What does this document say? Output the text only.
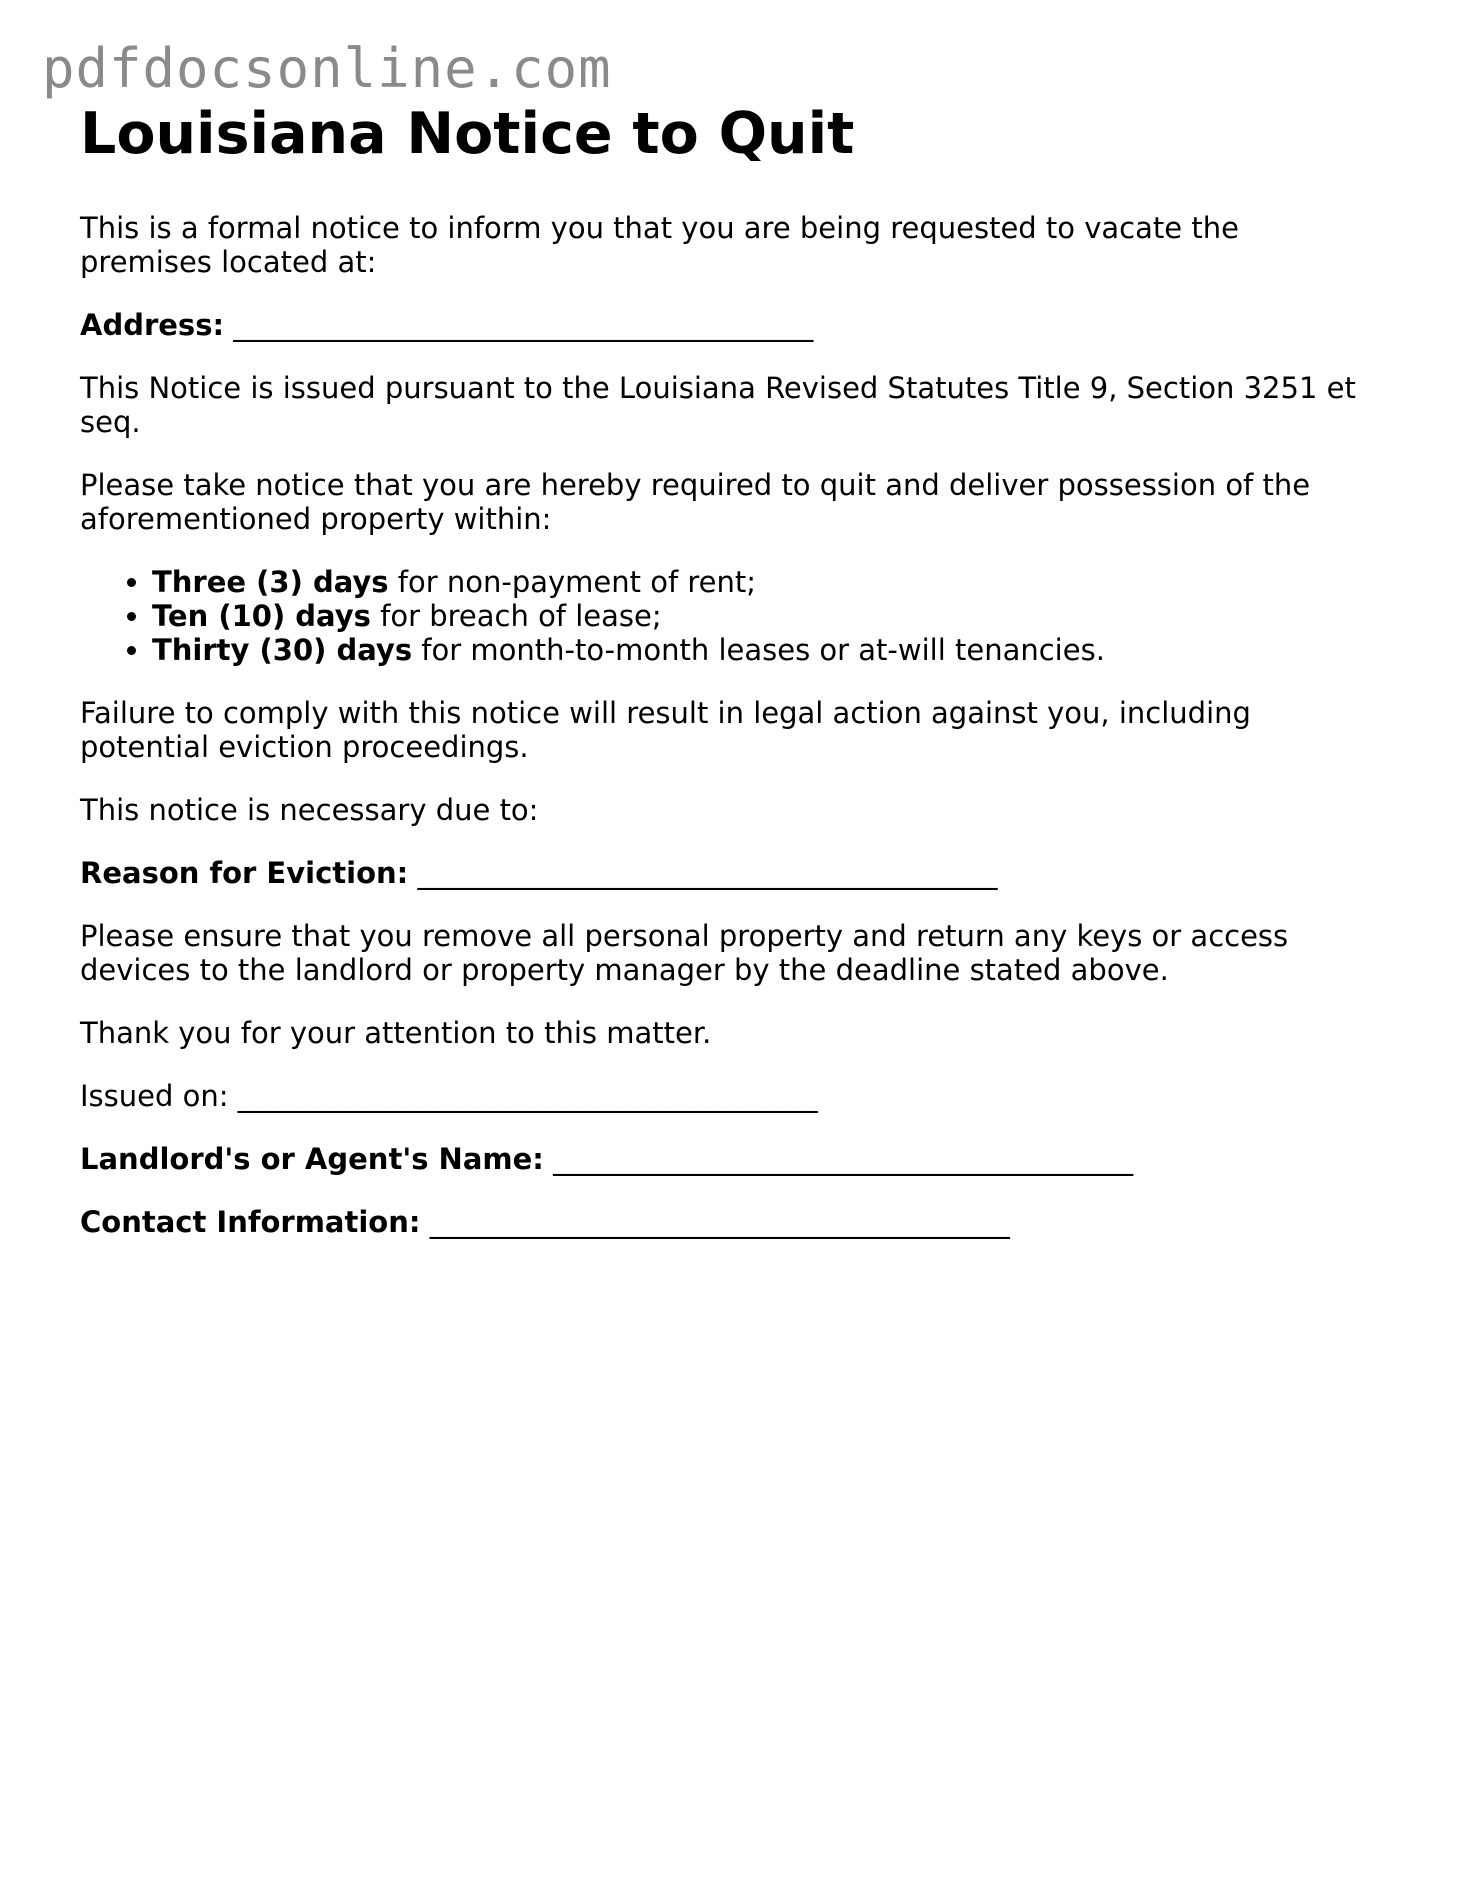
pdfdocsonline.com
Louisiana Notice to Quit

This is a formal notice to inform you that you are being requested to vacate the premises located at:

Address: ________________________________________

This Notice is issued pursuant to the Louisiana Revised Statutes Title 9, Section 3251 et seq.

Please take notice that you are hereby required to quit and deliver possession of the aforementioned property within:

• Three (3) days for non-payment of rent;
• Ten (10) days for breach of lease;
• Thirty (30) days for month-to-month leases or at-will tenancies.

Failure to comply with this notice will result in legal action against you, including potential eviction proceedings.

This notice is necessary due to:

Reason for Eviction: ________________________________________

Please ensure that you remove all personal property and return any keys or access devices to the landlord or property manager by the deadline stated above.

Thank you for your attention to this matter.

Issued on: ________________________________________

Landlord's or Agent's Name: ________________________________________

Contact Information: ________________________________________
